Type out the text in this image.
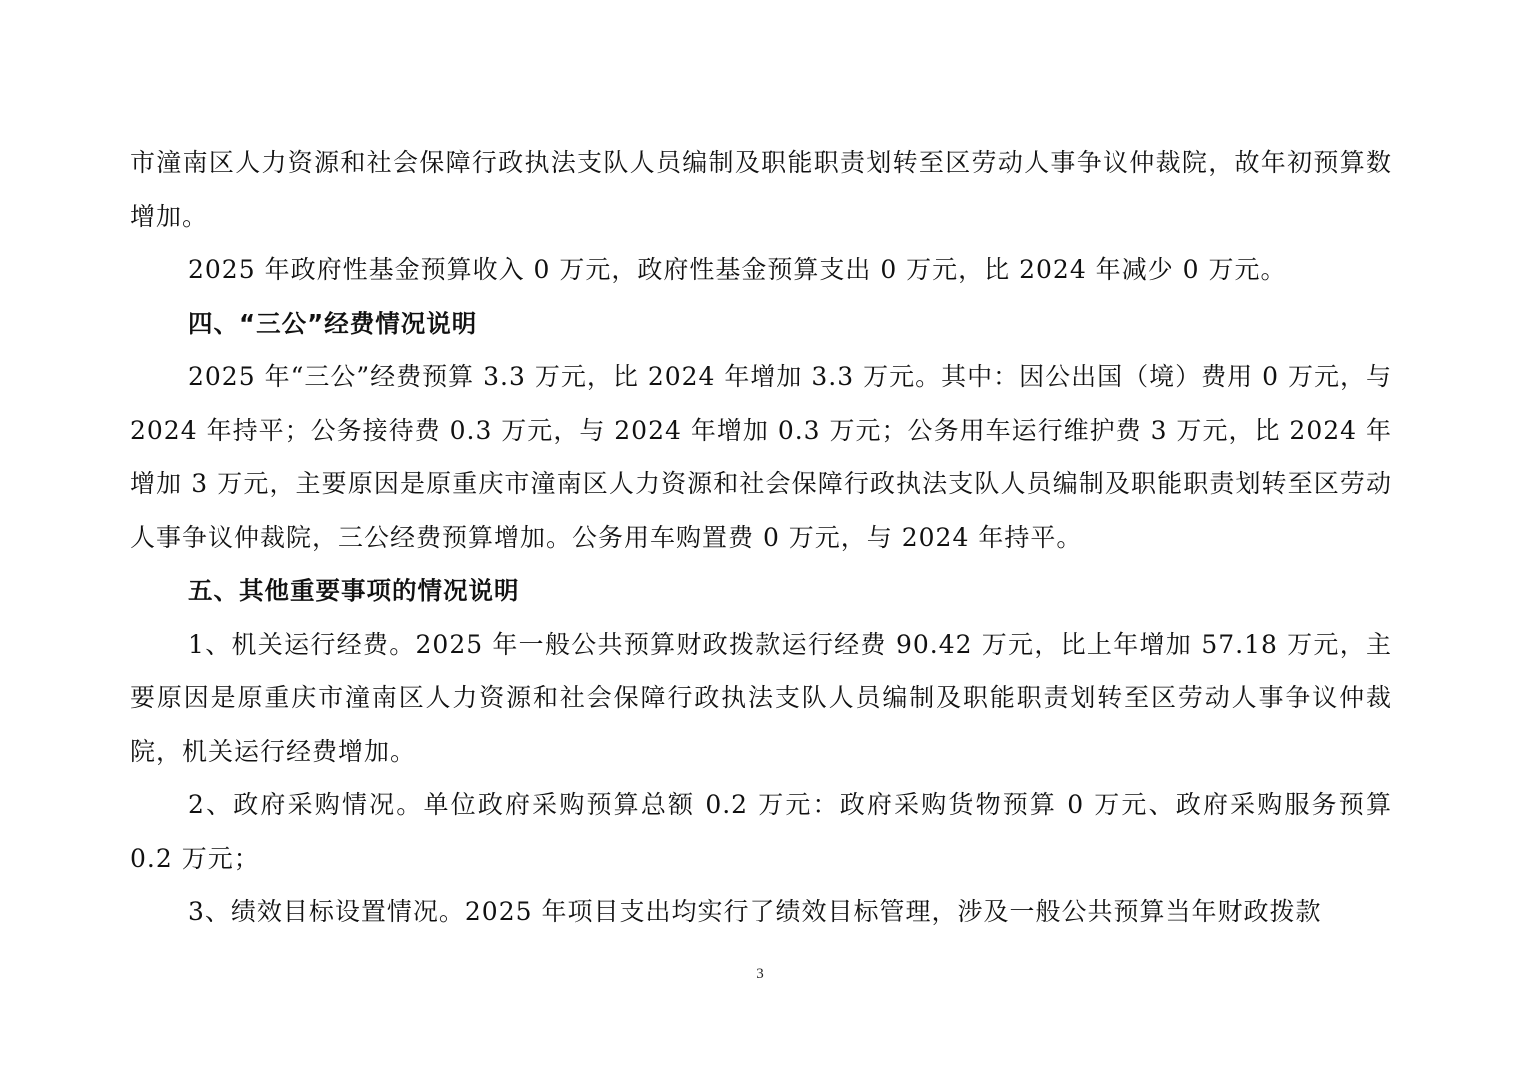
市潼南区人力资源和社会保障行政执法支队人员编制及职能职责划转至区劳动人事争议仲裁院，故年初预算数增加。

2025 年政府性基金预算收入 0 万元，政府性基金预算支出 0 万元，比 2024 年减少 0 万元。

四、“三公”经费情况说明

2025 年“三公”经费预算 3.3 万元，比 2024 年增加 3.3 万元。其中：因公出国（境）费用 0 万元，与 2024 年持平；公务接待费 0.3 万元，与 2024 年增加 0.3 万元；公务用车运行维护费 3 万元，比 2024 年增加 3 万元，主要原因是原重庆市潼南区人力资源和社会保障行政执法支队人员编制及职能职责划转至区劳动人事争议仲裁院，三公经费预算增加。公务用车购置费 0 万元，与 2024 年持平。

五、其他重要事项的情况说明

1、机关运行经费。2025 年一般公共预算财政拨款运行经费 90.42 万元，比上年增加 57.18 万元，主要原因是原重庆市潼南区人力资源和社会保障行政执法支队人员编制及职能职责划转至区劳动人事争议仲裁院，机关运行经费增加。

2、政府采购情况。单位政府采购预算总额 0.2 万元：政府采购货物预算 0 万元、政府采购服务预算 0.2 万元；

3、绩效目标设置情况。2025 年项目支出均实行了绩效目标管理，涉及一般公共预算当年财政拨款

3
